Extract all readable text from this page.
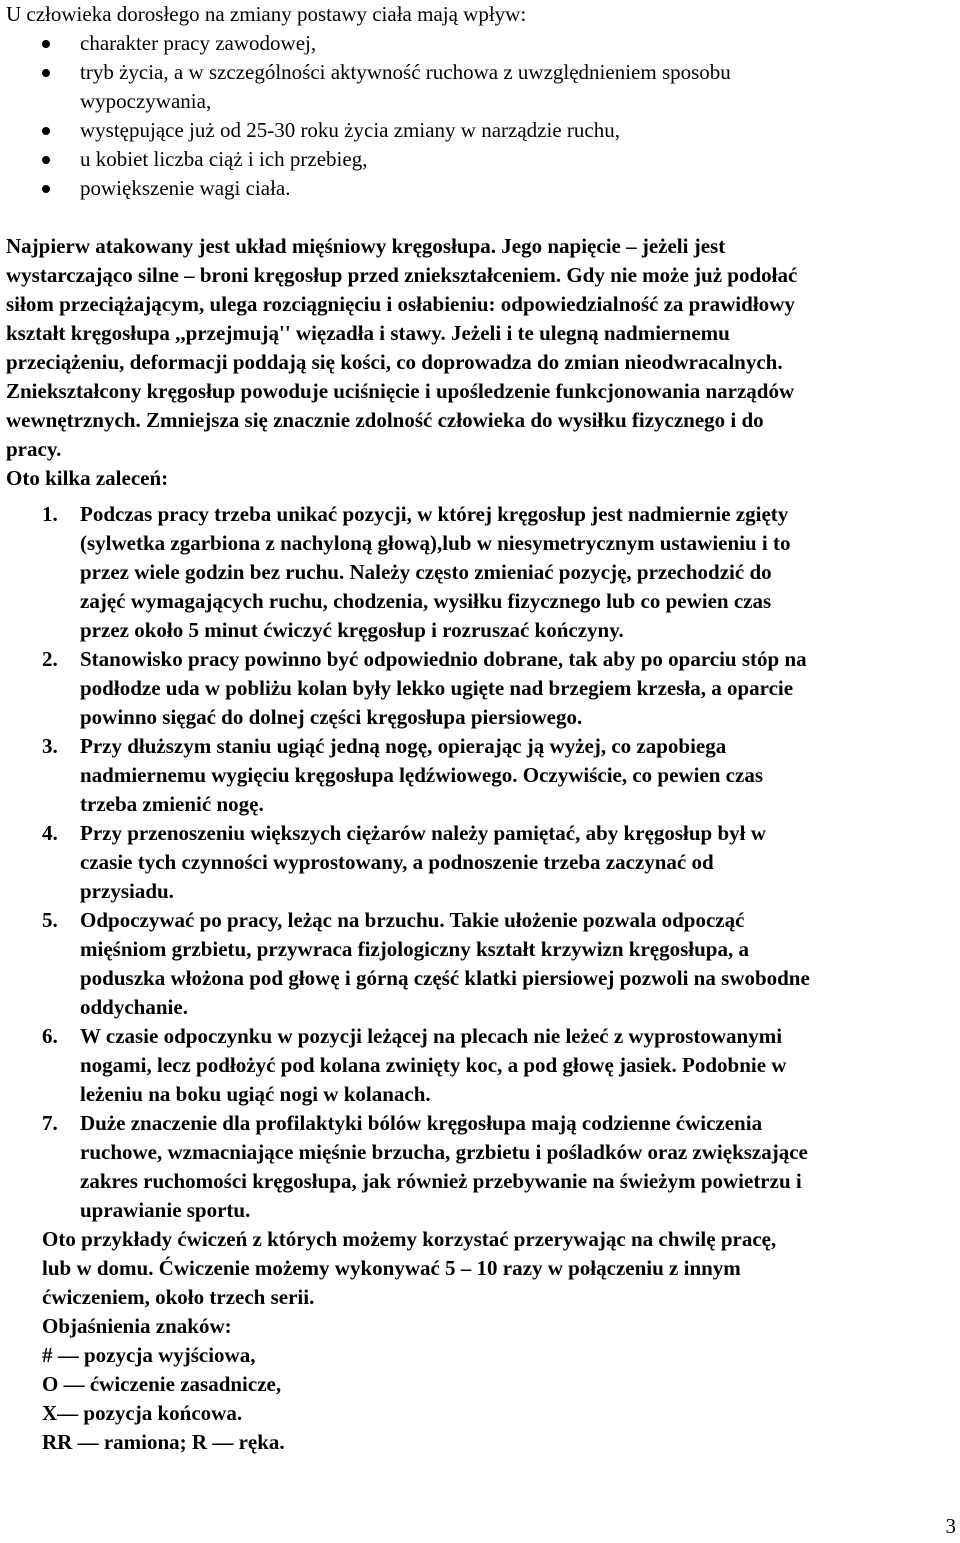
U człowieka dorosłego na zmiany postawy ciała mają wpływ:
charakter pracy zawodowej,
tryb życia, a w szczególności aktywność ruchowa z uwzględnieniem sposobu
wypoczywania,
występujące już od 25-30 roku życia zmiany w narządzie ruchu,
u kobiet liczba ciąż i ich przebieg,
powiększenie wagi ciała.
Najpierw atakowany jest układ mięśniowy kręgosłupa. Jego napięcie – jeżeli jest
wystarczająco silne – broni kręgosłup przed zniekształceniem. Gdy nie może już podołać
siłom przeciążającym, ulega rozciągnięciu i osłabieniu: odpowiedzialność za prawidłowy
kształt kręgosłupa ,,przejmują'' więzadła i stawy. Jeżeli i te ulegną nadmiernemu
przeciążeniu, deformacji poddają się kości, co doprowadza do zmian nieodwracalnych.
Zniekształcony kręgosłup powoduje uciśnięcie i upośledzenie funkcjonowania narządów
wewnętrznych. Zmniejsza się znacznie zdolność człowieka do wysiłku fizycznego i do
pracy.
Oto kilka zaleceń:
1. Podczas pracy trzeba unikać pozycji, w której kręgosłup jest nadmiernie zgięty
(sylwetka zgarbiona z nachyloną głową),lub w niesymetrycznym ustawieniu i to
przez wiele godzin bez ruchu. Należy często zmieniać pozycję, przechodzić do
zajęć wymagających ruchu, chodzenia, wysiłku fizycznego lub co pewien czas
przez około 5 minut ćwiczyć kręgosłup i rozruszać kończyny.
2. Stanowisko pracy powinno być odpowiednio dobrane, tak aby po oparciu stóp na
podłodze uda w pobliżu kolan były lekko ugięte nad brzegiem krzesła, a oparcie
powinno sięgać do dolnej części kręgosłupa piersiowego.
3. Przy dłuższym staniu ugiąć jedną nogę, opierając ją wyżej, co zapobiega
nadmiernemu wygięciu kręgosłupa lędźwiowego. Oczywiście, co pewien czas
trzeba zmienić nogę.
4. Przy przenoszeniu większych ciężarów należy pamiętać, aby kręgosłup był w
czasie tych czynności wyprostowany, a podnoszenie trzeba zaczynać od
przysiadu.
5. Odpoczywać po pracy, leżąc na brzuchu. Takie ułożenie pozwala odpocząć
mięśniom grzbietu, przywraca fizjologiczny kształt krzywizn kręgosłupa, a
poduszka włożona pod głowę i górną część klatki piersiowej pozwoli na swobodne
oddychanie.
6. W czasie odpoczynku w pozycji leżącej na plecach nie leżeć z wyprostowanymi
nogami, lecz podłożyć pod kolana zwinięty koc, a pod głowę jasiek. Podobnie w
leżeniu na boku ugiąć nogi w kolanach.
7. Duże znaczenie dla profilaktyki bólów kręgosłupa mają codzienne ćwiczenia
ruchowe, wzmacniające mięśnie brzucha, grzbietu i pośladków oraz zwiększające
zakres ruchomości kręgosłupa, jak również przebywanie na świeżym powietrzu i
uprawianie sportu.
Oto przykłady ćwiczeń z których możemy korzystać przerywając na chwilę pracę,
lub w domu. Ćwiczenie możemy wykonywać 5 – 10 razy w połączeniu z innym
ćwiczeniem, około trzech serii.
Objaśnienia znaków:
# ― pozycja wyjściowa,
O ― ćwiczenie zasadnicze,
X― pozycja końcowa.
RR ― ramiona; R ― ręka.
3
